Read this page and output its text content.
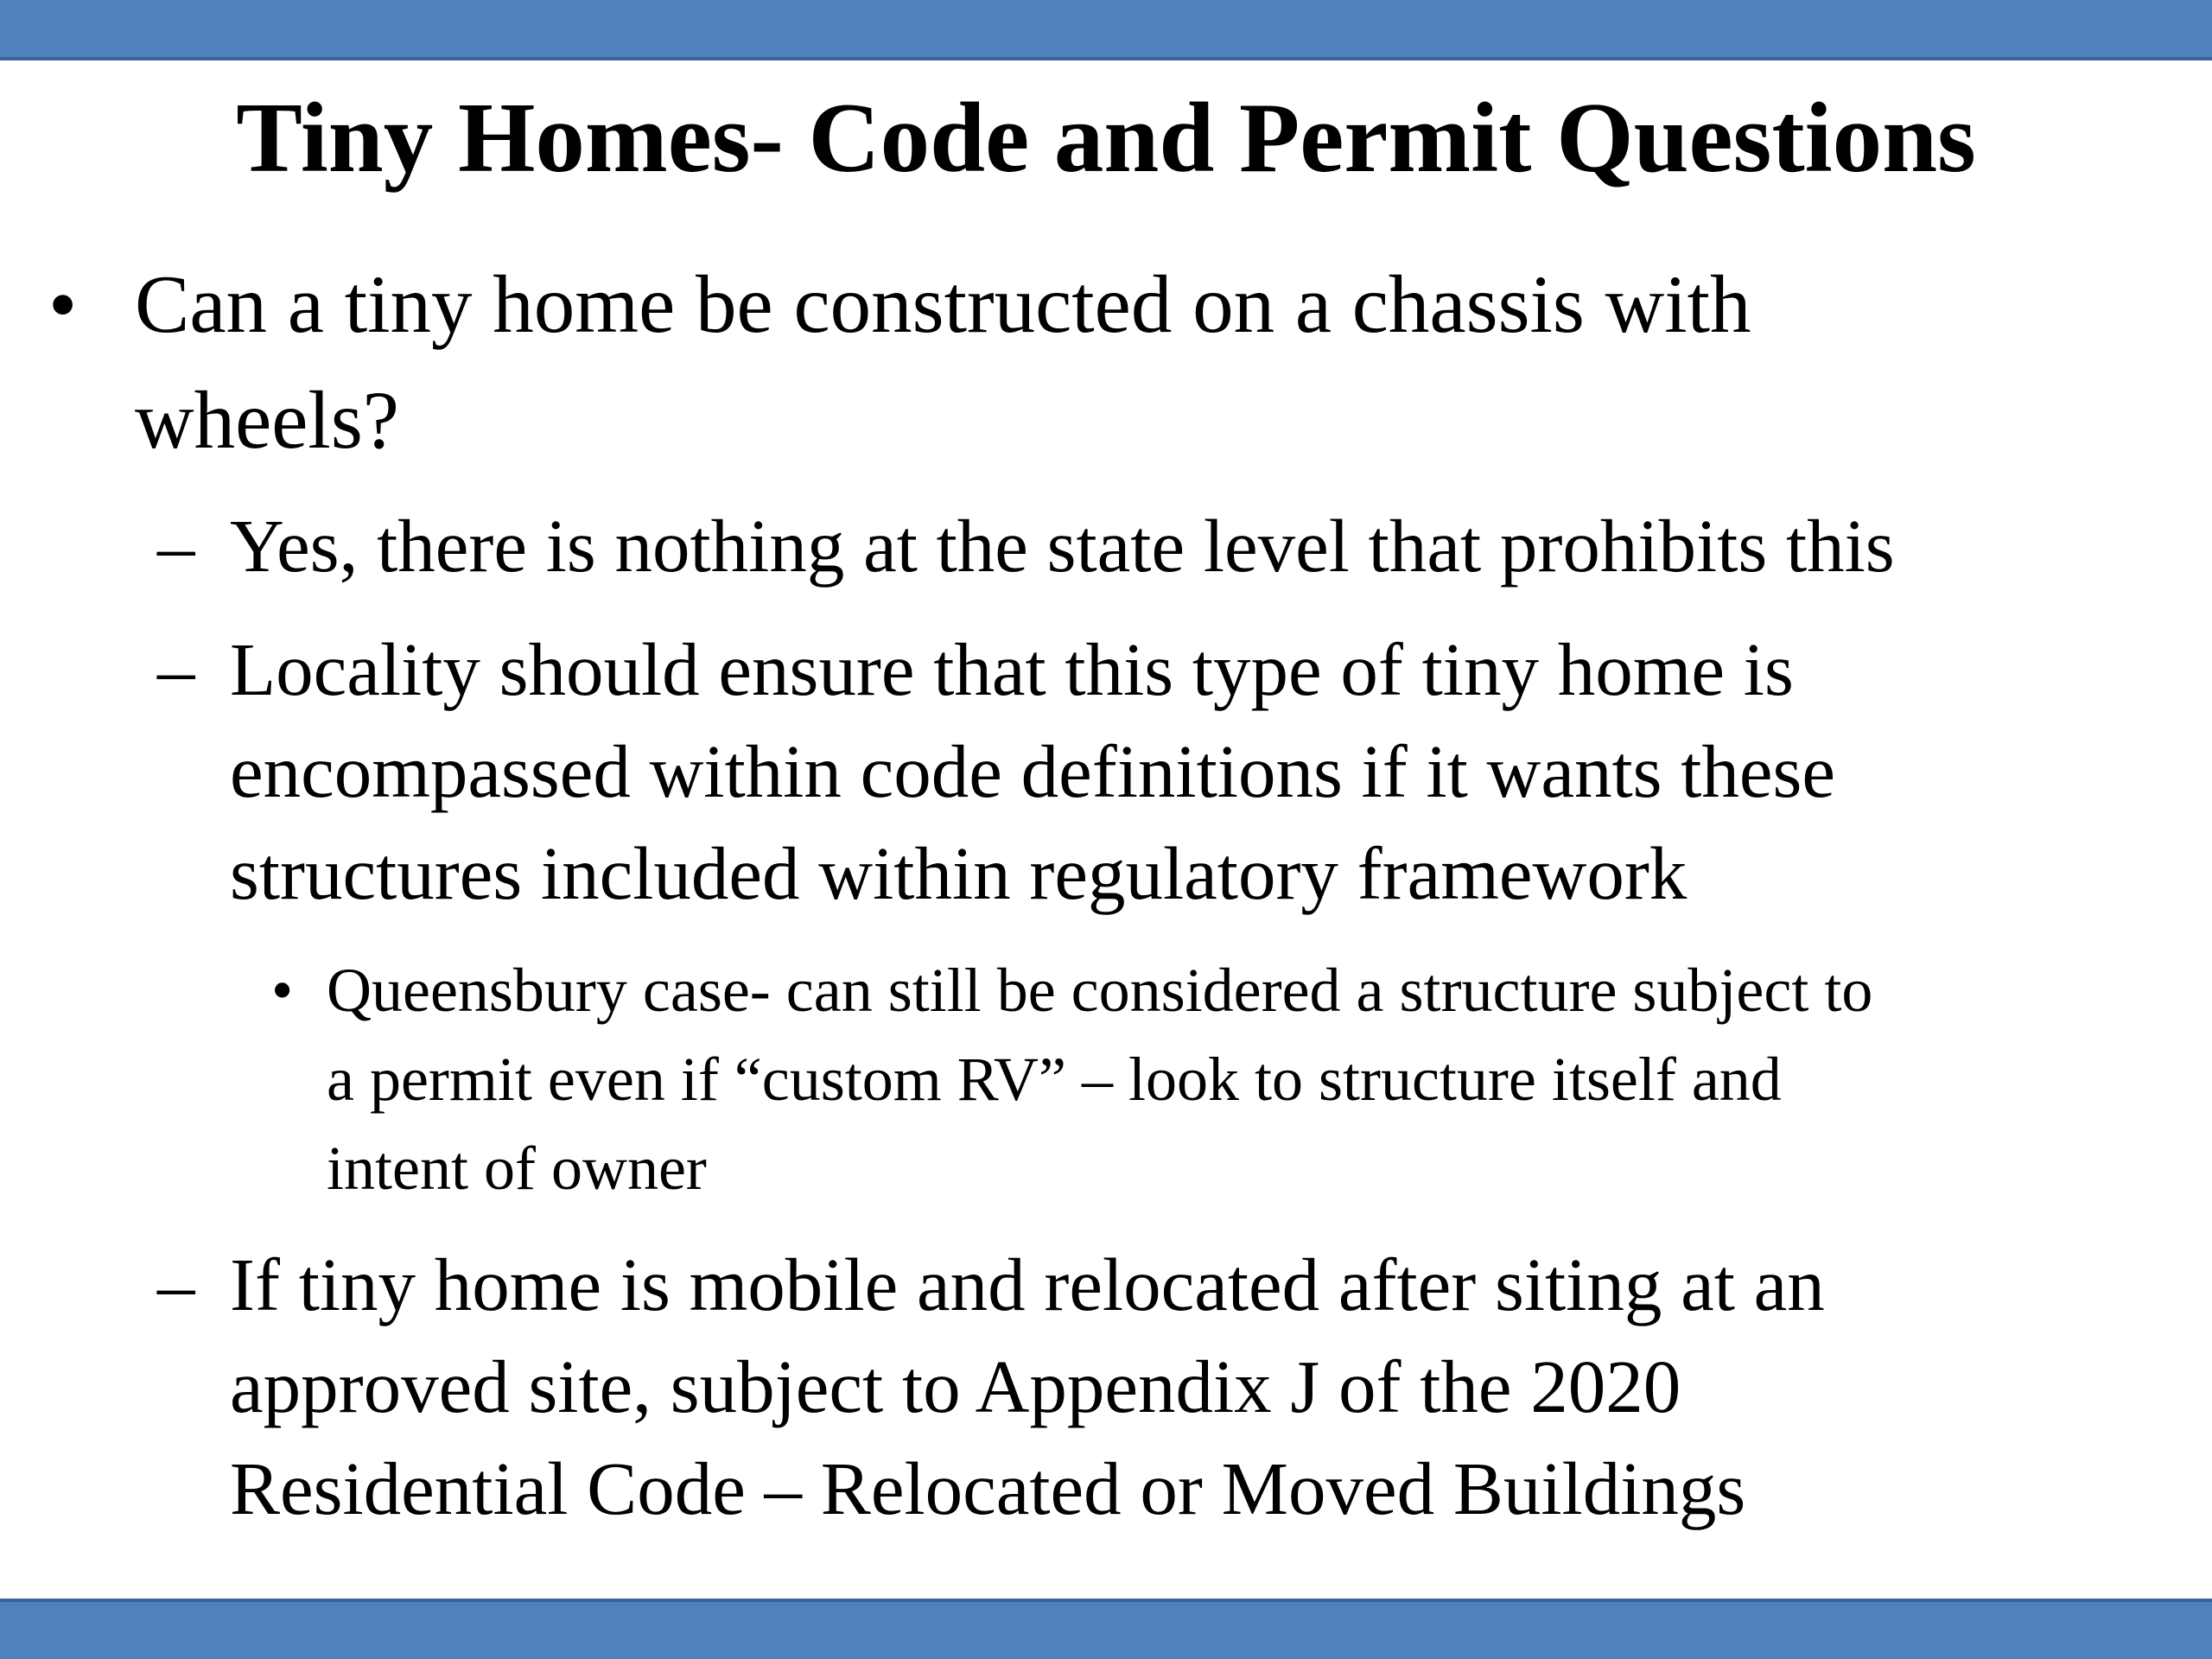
Tiny Homes- Code and Permit Questions
• Can a tiny home be constructed on a chassis with
wheels?
– Yes, there is nothing at the state level that prohibits this
– Locality should ensure that this type of tiny home is
encompassed within code definitions if it wants these
structures included within regulatory framework
• Queensbury case- can still be considered a structure subject to
a permit even if “custom RV” – look to structure itself and
intent of owner
– If tiny home is mobile and relocated after siting at an
approved site, subject to Appendix J of the 2020
Residential Code – Relocated or Moved Buildings
